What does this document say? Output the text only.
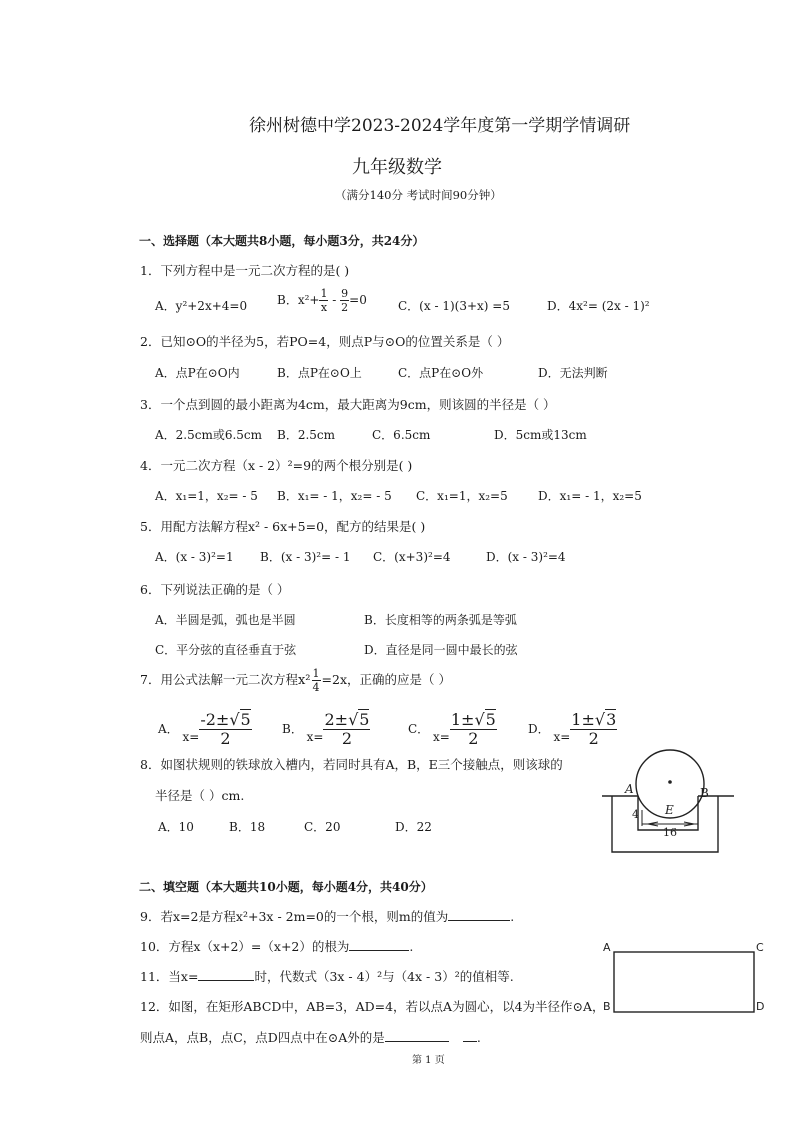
徐州树德中学2023-2024学年度第一学期学情调研
九年级数学
（满分140分 考试时间90分钟）
一、选择题（本大题共8小题，每小题3分，共24分）
1．下列方程中是一元二次方程的是( )
A．y²+2x+4=0 B．$x^2+ \frac{1}{x} - \frac{9}{2} =0$	C．(x - 1)(3+x) =5	D．4x²= (2x - 1)²
2．已知⊙O的半径为5，若PO=4，则点P与⊙O的位置关系是（ ）
A．点P在⊙O内	B．点P在⊙O上	C．点P在⊙O外	D．无法判断
3．一个点到圆的最小距离为4cm，最大距离为9cm，则该圆的半径是（ ）
A．2.5cm或6.5cm B．2.5cm	C．6.5cm	D．5cm或13cm
4．一元二次方程（x - 2）²=9的两个根分别是( )
A．x₁=1，x₂= - 5 B．x₁= - 1，x₂= - 5 C．x₁=1，x₂=5	D．x₁= - 1，x₂=5
5．用配方法解方程x² - 6x+5=0，配方的结果是( )
A．(x - 3)²=1 B．(x - 3)²= - 1 C．(x+3)²=4	D．(x - 3)²=4
6．下列说法正确的是（ ）
A．半圆是弧，弧也是半圆	B．长度相等的两条弧是等弧
C．平分弦的直径垂直于弦	D．直径是同一圆中最长的弦
7．用公式法解一元二次方程$x^2 \frac{1}{4} =2x$，正确的应是（ ）
A． $x= \frac{-2\pm√5}{2}$	B． $x= \frac{2\pm√5}{2}$	C． $x= \frac{1\pm√5}{2}$	D． $x= \frac{1\pm√3}{2}$
8．如图状规则的铁球放入槽内，若同时具有A，B，E三个接触点，则该球的
半径是（ ）cm.
A．10	B．18	C．20	D．22
A	B
E
4
16
二、填空题（本大题共10小题，每小题4分，共40分）
9．若x=2是方程x²+3x - 2m=0的一个根，则m的值为	.
10．方程x（x+2）=（x+2）的根为	.
11．当x=	时，代数式（3x - 4）²与（4x - 3）²的值相等.
12．如图，在矩形ABCD中，AB=3，AD=4，若以点A为圆心，以4为半径作⊙A，
则点A，点B，点C，点D四点中在⊙A外的是	.
A	C
B	D
第 1 页
